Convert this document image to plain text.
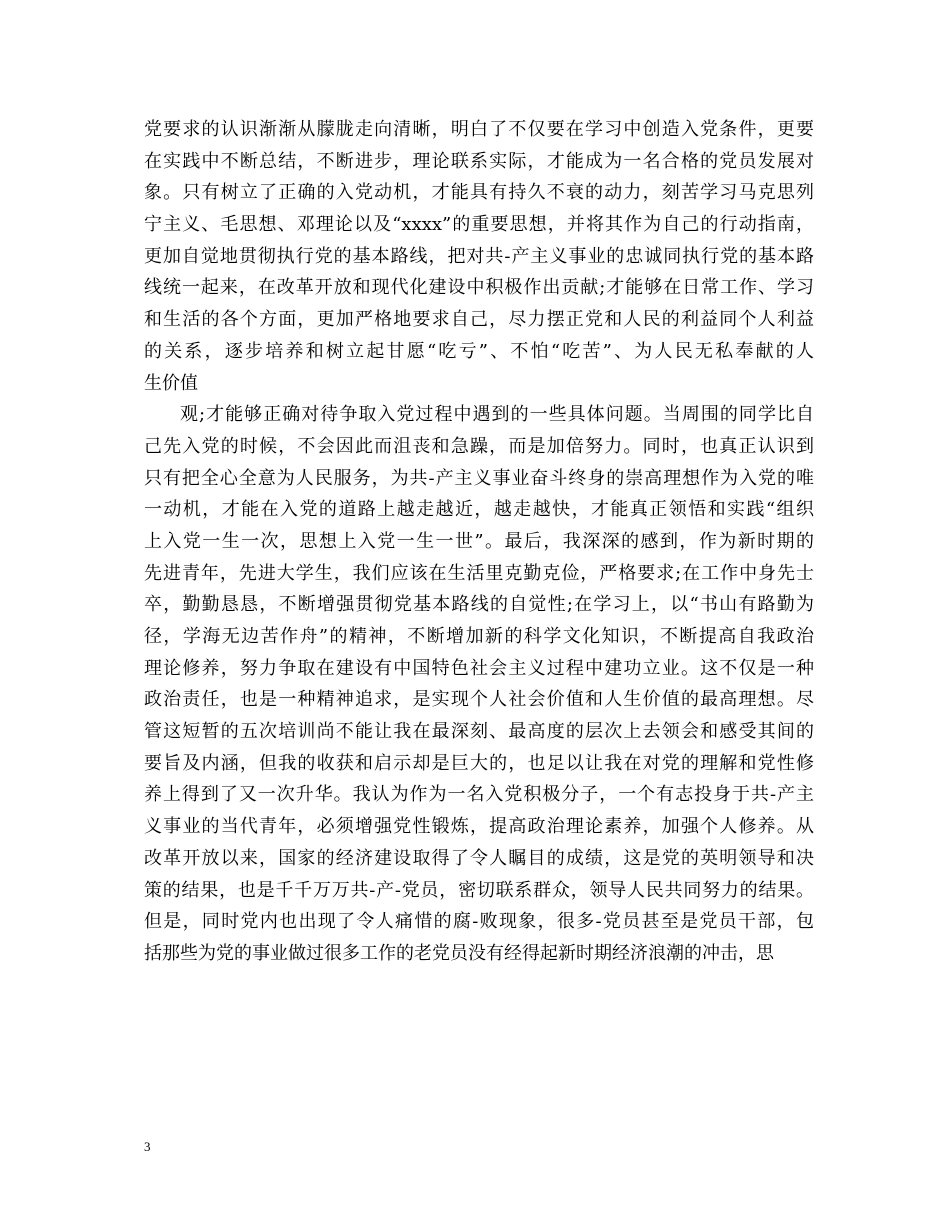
党要求的认识渐渐从朦胧走向清晰，明白了不仅要在学习中创造入党条件，更要
在实践中不断总结，不断进步，理论联系实际，才能成为一名合格的党员发展对
象。只有树立了正确的入党动机，才能具有持久不衰的动力，刻苦学习马克思列
宁主义、毛思想、邓理论以及“xxxx”的重要思想，并将其作为自己的行动指南，
更加自觉地贯彻执行党的基本路线，把对共-产主义事业的忠诚同执行党的基本路
线统一起来，在改革开放和现代化建设中积极作出贡献;才能够在日常工作、学习
和生活的各个方面，更加严格地要求自己，尽力摆正党和人民的利益同个人利益
的关系，逐步培养和树立起甘愿“吃亏”、不怕“吃苦”、为人民无私奉献的人
生价值
观;才能够正确对待争取入党过程中遇到的一些具体问题。当周围的同学比自
己先入党的时候，不会因此而沮丧和急躁，而是加倍努力。同时，也真正认识到
只有把全心全意为人民服务，为共-产主义事业奋斗终身的崇高理想作为入党的唯
一动机，才能在入党的道路上越走越近，越走越快，才能真正领悟和实践“组织
上入党一生一次，思想上入党一生一世”。最后，我深深的感到，作为新时期的
先进青年，先进大学生，我们应该在生活里克勤克俭，严格要求;在工作中身先士
卒，勤勤恳恳，不断增强贯彻党基本路线的自觉性;在学习上，以“书山有路勤为
径，学海无边苦作舟”的精神，不断增加新的科学文化知识，不断提高自我政治
理论修养，努力争取在建设有中国特色社会主义过程中建功立业。这不仅是一种
政治责任，也是一种精神追求，是实现个人社会价值和人生价值的最高理想。尽
管这短暂的五次培训尚不能让我在最深刻、最高度的层次上去领会和感受其间的
要旨及内涵，但我的收获和启示却是巨大的，也足以让我在对党的理解和党性修
养上得到了又一次升华。我认为作为一名入党积极分子，一个有志投身于共-产主
义事业的当代青年，必须增强党性锻炼，提高政治理论素养，加强个人修养。从
改革开放以来，国家的经济建设取得了令人瞩目的成绩，这是党的英明领导和决
策的结果，也是千千万万共-产-党员，密切联系群众，领导人民共同努力的结果。
但是，同时党内也出现了令人痛惜的腐-败现象，很多-党员甚至是党员干部，包
括那些为党的事业做过很多工作的老党员没有经得起新时期经济浪潮的冲击，思
3
